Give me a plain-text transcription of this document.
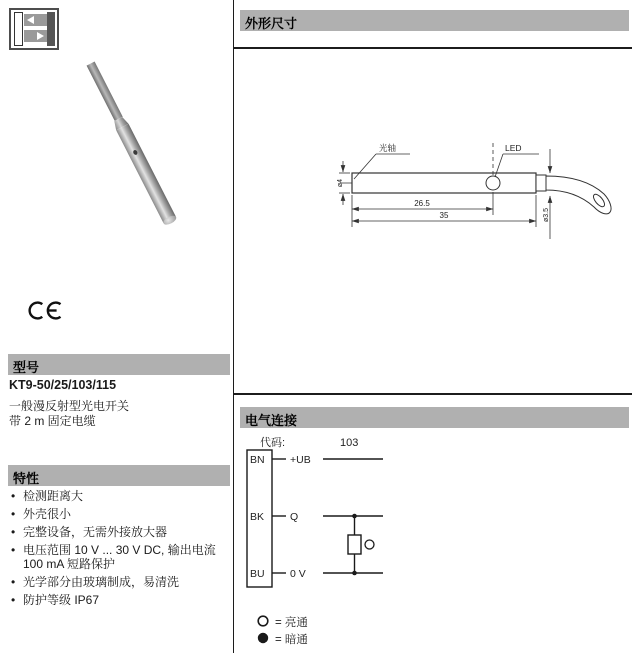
型号
KT9-50/25/103/115
一般漫反射型光电开关
带 2 m 固定电缆
特性
• 检测距离大
• 外壳很小
• 完整设备，无需外接放大器
• 电压范围 10 V ... 30 V DC, 输出电流 100 mA 短路保护
• 光学部分由玻璃制成，易清洗
• 防护等级 IP67
外形尺寸
光轴	LED
26.5
35
ø4
ø3.5
电气连接
代码:	103
BN
BK
BU
+UB
Q
0 V
= 亮通
= 暗通
